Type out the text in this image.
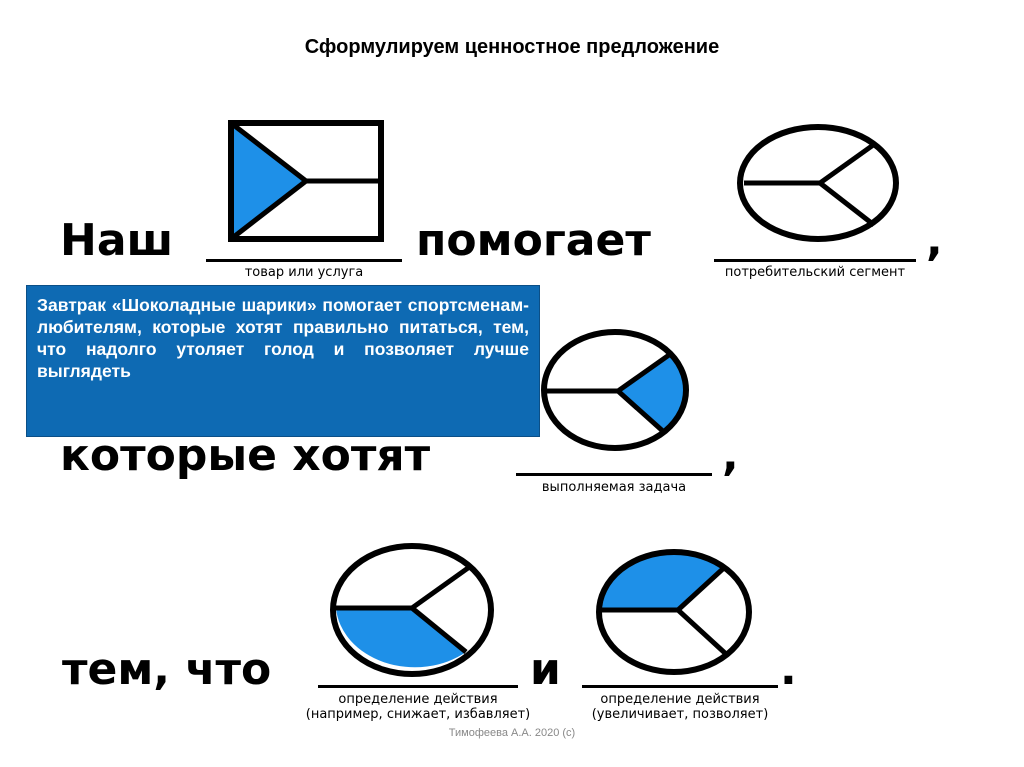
Сформулируем ценностное предложение
Наш
товар или услуга
помогает	,
потребительский сегмент
Завтрак «Шоколадные шарики» помогает спортсменам-любителям, которые хотят правильно питаться, тем, что надолго утоляет голод и позволяет лучше выглядеть
которые хотят	,
выполняемая задача
тем, что
определение действия
(например, снижает, избавляет)
и	.
определение действия
(увеличивает, позволяет)
Тимофеева А.А. 2020 (с)
